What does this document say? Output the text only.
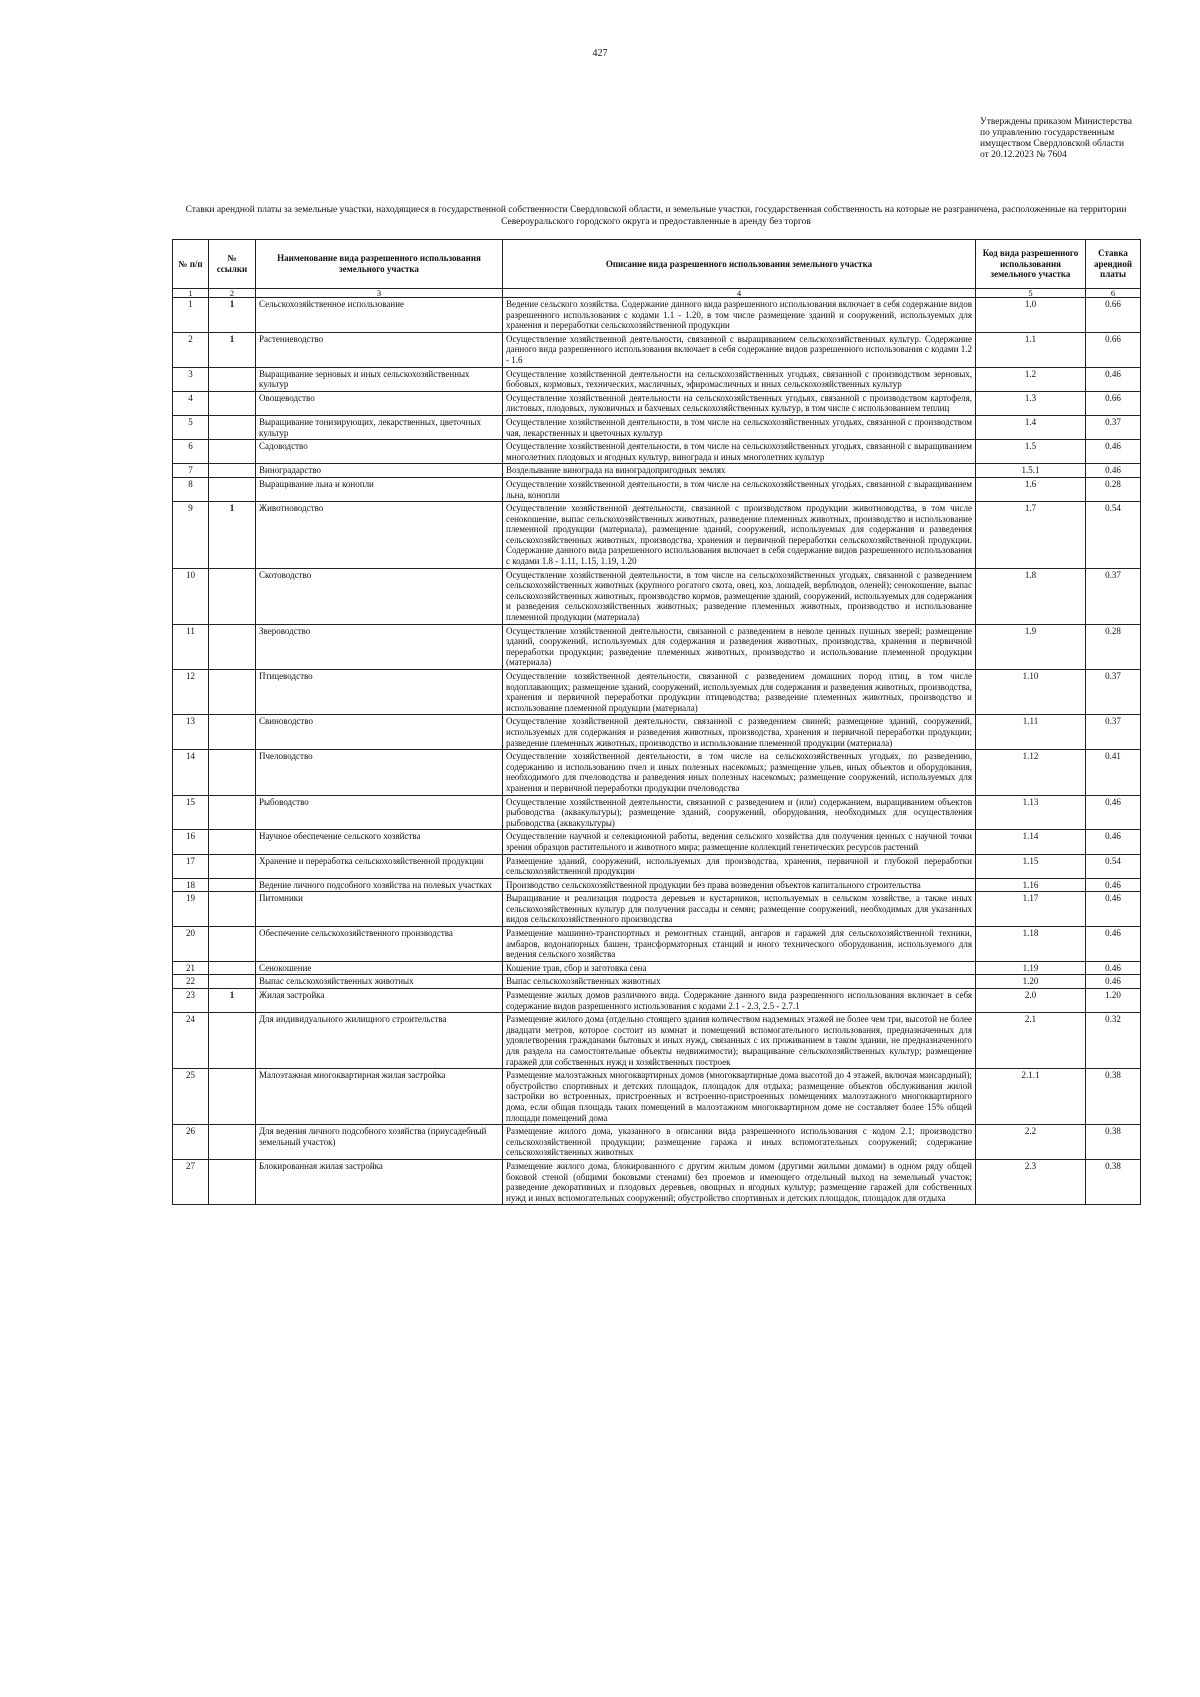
427
Утверждены приказом Министерства
по управлению государственным
имуществом Свердловской области
от 20.12.2023 № 7604
Ставки арендной платы за земельные участки, находящиеся в государственной собственности Свердловской области, и земельные участки, государственная собственность на которые не разграничена, расположенные на территории Североуральского городского округа и предоставленные в аренду без торгов
№ п/п	№ ссылки	Наименование вида разрешенного использования земельного участка	Описание вида разрешенного использования земельного участка	Код вида разрешенного использования земельного участка	Ставка арендной платы
1	2	3	4	5	6
1	1	Сельскохозяйственное использование	Ведение сельского хозяйства. Содержание данного вида разрешенного использования включает в себя содержание видов разрешенного использования с кодами 1.1 - 1.20, в том числе размещение зданий и сооружений, используемых для хранения и переработки сельскохозяйственной продукции	1.0	0.66
2	1	Растениеводство	Осуществление хозяйственной деятельности, связанной с выращиванием сельскохозяйственных культур. Содержание данного вида разрешенного использования включает в себя содержание видов разрешенного использования с кодами 1.2 - 1.6	1.1	0.66
3		Выращивание зерновых и иных сельскохозяйственных культур	Осуществление хозяйственной деятельности на сельскохозяйственных угодьях, связанной с производством зерновых, бобовых, кормовых, технических, масличных, эфиромасличных и иных сельскохозяйственных культур	1.2	0.46
4		Овощеводство	Осуществление хозяйственной деятельности на сельскохозяйственных угодьях, связанной с производством картофеля, листовых, плодовых, луковичных и бахчевых сельскохозяйственных культур, в том числе с использованием теплиц	1.3	0.66
5		Выращивание тонизирующих, лекарственных, цветочных культур	Осуществление хозяйственной деятельности, в том числе на сельскохозяйственных угодьях, связанной с производством чая, лекарственных и цветочных культур	1.4	0.37
6		Садоводство	Осуществление хозяйственной деятельности, в том числе на сельскохозяйственных угодьях, связанной с выращиванием многолетних плодовых и ягодных культур, винограда и иных многолетних культур	1.5	0.46
7		Виноградарство	Возделывание винограда на виноградопригодных землях	1.5.1	0.46
8		Выращивание льна и конопли	Осуществление хозяйственной деятельности, в том числе на сельскохозяйственных угодьях, связанной с выращиванием льна, конопли	1.6	0.28
9	1	Животноводство	Осуществление хозяйственной деятельности, связанной с производством продукции животноводства, в том числе сенокошение, выпас сельскохозяйственных животных, разведение племенных животных, производство и использование племенной продукции (материала), размещение зданий, сооружений, используемых для содержания и разведения сельскохозяйственных животных, производства, хранения и первичной переработки сельскохозяйственной продукции. Содержание данного вида разрешенного использования включает в себя содержание видов разрешенного использования с кодами 1.8 - 1.11, 1.15, 1.19, 1.20	1.7	0.54
10		Скотоводство	Осуществление хозяйственной деятельности, в том числе на сельскохозяйственных угодьях, связанной с разведением сельскохозяйственных животных (крупного рогатого скота, овец, коз, лошадей, верблюдов, оленей); сенокошение, выпас сельскохозяйственных животных, производство кормов, размещение зданий, сооружений, используемых для содержания и разведения сельскохозяйственных животных; разведение племенных животных, производство и использование племенной продукции (материала)	1.8	0.37
11		Звероводство	Осуществление хозяйственной деятельности, связанной с разведением в неволе ценных пушных зверей; размещение зданий, сооружений, используемых для содержания и разведения животных, производства, хранения и первичной переработки продукции; разведение племенных животных, производство и использование племенной продукции (материала)	1.9	0.28
12		Птицеводство	Осуществление хозяйственной деятельности, связанной с разведением домашних пород птиц, в том числе водоплавающих; размещение зданий, сооружений, используемых для содержания и разведения животных, производства, хранения и первичной переработки продукции птицеводства; разведение племенных животных, производство и использование племенной продукции (материала)	1.10	0.37
13		Свиноводство	Осуществление хозяйственной деятельности, связанной с разведением свиней; размещение зданий, сооружений, используемых для содержания и разведения животных, производства, хранения и первичной переработки продукции; разведение племенных животных, производство и использование племенной продукции (материала)	1.11	0.37
14		Пчеловодство	Осуществление хозяйственной деятельности, в том числе на сельскохозяйственных угодьях, по разведению, содержанию и использованию пчел и иных полезных насекомых; размещение ульев, иных объектов и оборудования, необходимого для пчеловодства и разведения иных полезных насекомых; размещение сооружений, используемых для хранения и первичной переработки продукции пчеловодства	1.12	0.41
15		Рыбоводство	Осуществление хозяйственной деятельности, связанной с разведением и (или) содержанием, выращиванием объектов рыбоводства (аквакультуры); размещение зданий, сооружений, оборудования, необходимых для осуществления рыбоводства (аквакультуры)	1.13	0.46
16		Научное обеспечение сельского хозяйства	Осуществление научной и селекционной работы, ведения сельского хозяйства для получения ценных с научной точки зрения образцов растительного и животного мира; размещение коллекций генетических ресурсов растений	1.14	0.46
17		Хранение и переработка сельскохозяйственной продукции	Размещение зданий, сооружений, используемых для производства, хранения, первичной и глубокой переработки сельскохозяйственной продукции	1.15	0.54
18		Ведение личного подсобного хозяйства на полевых участках	Производство сельскохозяйственной продукции без права возведения объектов капитального строительства	1.16	0.46
19		Питомники	Выращивание и реализация подроста деревьев и кустарников, используемых в сельском хозяйстве, а также иных сельскохозяйственных культур для получения рассады и семян; размещение сооружений, необходимых для указанных видов сельскохозяйственного производства	1.17	0.46
20		Обеспечение сельскохозяйственного производства	Размещение машинно-транспортных и ремонтных станций, ангаров и гаражей для сельскохозяйственной техники, амбаров, водонапорных башен, трансформаторных станций и иного технического оборудования, используемого для ведения сельского хозяйства	1.18	0.46
21		Сенокошение	Кошение трав, сбор и заготовка сена	1.19	0.46
22		Выпас сельскохозяйственных животных	Выпас сельскохозяйственных животных	1.20	0.46
23	1	Жилая застройка	Размещение жилых домов различного вида. Содержание данного вида разрешенного использования включает в себя содержание видов разрешенного использования с кодами 2.1 - 2.3, 2.5 - 2.7.1	2.0	1.20
24		Для индивидуального жилищного строительства	Размещение жилого дома (отдельно стоящего здания количеством надземных этажей не более чем три, высотой не более двадцати метров, которое состоит из комнат и помещений вспомогательного использования, предназначенных для удовлетворения гражданами бытовых и иных нужд, связанных с их проживанием в таком здании, не предназначенного для раздела на самостоятельные объекты недвижимости); выращивание сельскохозяйственных культур; размещение гаражей для собственных нужд и хозяйственных построек	2.1	0.32
25		Малоэтажная многоквартирная жилая застройка	Размещение малоэтажных многоквартирных домов (многоквартирные дома высотой до 4 этажей, включая мансардный); обустройство спортивных и детских площадок, площадок для отдыха; размещение объектов обслуживания жилой застройки во встроенных, пристроенных и встроенно-пристроенных помещениях малоэтажного многоквартирного дома, если общая площадь таких помещений в малоэтажном многоквартирном доме не составляет более 15% общей площади помещений дома	2.1.1	0.38
26		Для ведения личного подсобного хозяйства (приусадебный земельный участок)	Размещение жилого дома, указанного в описании вида разрешенного использования с кодом 2.1; производство сельскохозяйственной продукции; размещение гаража и иных вспомогательных сооружений; содержание сельскохозяйственных животных	2.2	0.38
27		Блокированная жилая застройка	Размещение жилого дома, блокированного с другим жилым домом (другими жилыми домами) в одном ряду общей боковой стеной (общими боковыми стенами) без проемов и имеющего отдельный выход на земельный участок; разведение декоративных и плодовых деревьев, овощных и ягодных культур; размещение гаражей для собственных нужд и иных вспомогательных сооружений; обустройство спортивных и детских площадок, площадок для отдыха	2.3	0.38
